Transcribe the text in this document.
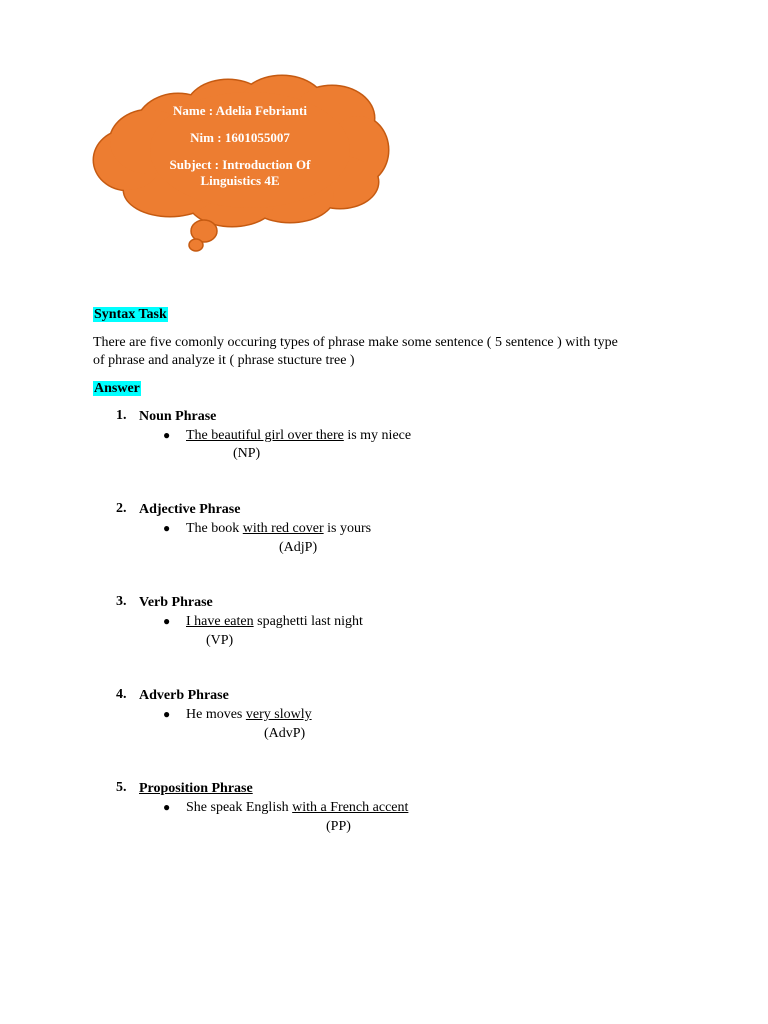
Name : Adelia Febrianti
Nim : 1601055007
Subject : Introduction Of
Linguistics 4E
Syntax Task
There are five comonly occuring types of phrase make some sentence ( 5 sentence ) with type
of phrase and analyze it ( phrase stucture tree )
Answer
1. Noun Phrase
● The beautiful girl over there is my niece
(NP)
2. Adjective Phrase
● The book with red cover is yours
(AdjP)
3. Verb Phrase
● I have eaten spaghetti last night
(VP)
4. Adverb Phrase
● He moves very slowly
(AdvP)
5. Proposition Phrase
● She speak English with a French accent
(PP)
